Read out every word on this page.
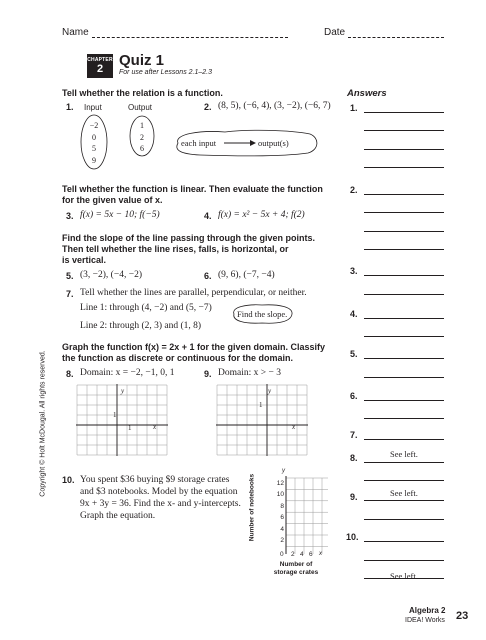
Name	Date
CHAPTER
2	Quiz 1
For use after Lessons 2.1–2.3
Answers
Tell whether the relation is a function.
1. Input	Output
−2
0
5
9
1
2
6
2. (8, 5), (−6, 4), (3, −2), (−6, 7)
each input	output(s)
Tell whether the function is linear. Then evaluate the function
for the given value of x.
3. f(x) = 5x − 10; f(−5)	4. f(x) = x² − 5x + 4; f(2)
Find the slope of the line passing through the given points.
Then tell whether the line rises, falls, is horizontal, or
is vertical.
5. (3, −2), (−4, −2)	6. (9, 6), (−7, −4)
7. Tell whether the lines are parallel, perpendicular, or neither.
Line 1: through (4, −2) and (5, −7)
Line 2: through (2, 3) and (1, 8)
Find the slope.
Graph the function f(x) = 2x + 1 for the given domain. Classify
the function as discrete or continuous for the domain.
8. Domain: x = −2, −1, 0, 1	9. Domain: x > − 3
y
x
1
1
y
x
1
10. You spent $36 buying $9 storage crates
and $3 notebooks. Model by the equation
9x + 3y = 36. Find the x- and y-intercepts.
Graph the equation.	Number of notebooks
Number of
storage crates
12
10
8
6
4
2
y
0 2 4 6 x
1.
2.
3.
4.
5.
6.
7.
8.	See left.
9.	See left.
10.
See left.
Copyright © Holt McDougal. All rights reserved.
Algebra 2
IDEA! Works 23
